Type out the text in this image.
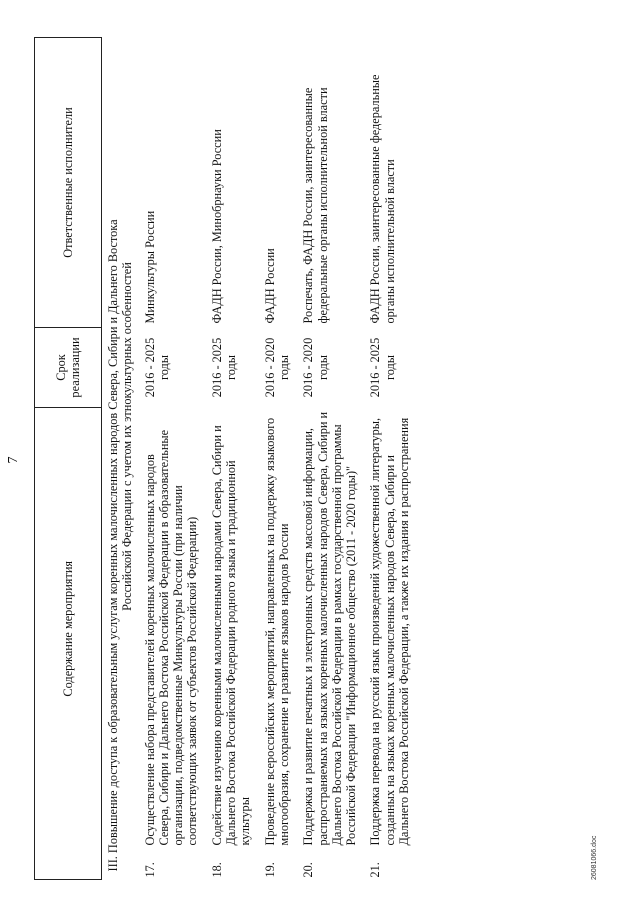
7
	Содержание мероприятия	Срок реализации	Ответственные исполнители
III. Повышение доступа к образовательным услугам коренных малочисленных народов Севера, Сибири и Дальнего Востока Российской Федерации с учетом их этнокультурных особенностей			

17.	Осуществление набора представителей коренных малочисленных народов Севера, Сибири и Дальнего Востока Российской Федерации в образовательные организации, подведомственные Минкультуры России (при наличии соответствующих заявок от субъектов Российской Федерации)	2016 - 2025 годы	Минкультуры России
18.	Содействие изучению коренными малочисленными народами Севера, Сибири и Дальнего Востока Российской Федерации родного языка и традиционной культуры	2016 - 2025 годы	ФАДН России, Минобрнауки России
19.	Проведение всероссийских мероприятий, направленных на поддержку языкового многообразия, сохранение и развитие языков народов России	2016 - 2020 годы	ФАДН России
20.	Поддержка и развитие печатных и электронных средств массовой информации, распространяемых на языках коренных малочисленных народов Севера, Сибири и Дальнего Востока Российской Федерации в рамках государственной программы Российской Федерации "Информационное общество (2011 - 2020 годы)"	2016 - 2020 годы	Роспечать, ФАДН России, заинтересованные федеральные органы исполнительной власти
21.	Поддержка перевода на русский язык произведений художественной литературы, созданных на языках коренных малочисленных народов Севера, Сибири и Дальнего Востока Российской Федерации, а также их издания и распространения	2016 - 2025 годы	ФАДН России, заинтересованные федеральные органы исполнительной власти
26081066.doc
